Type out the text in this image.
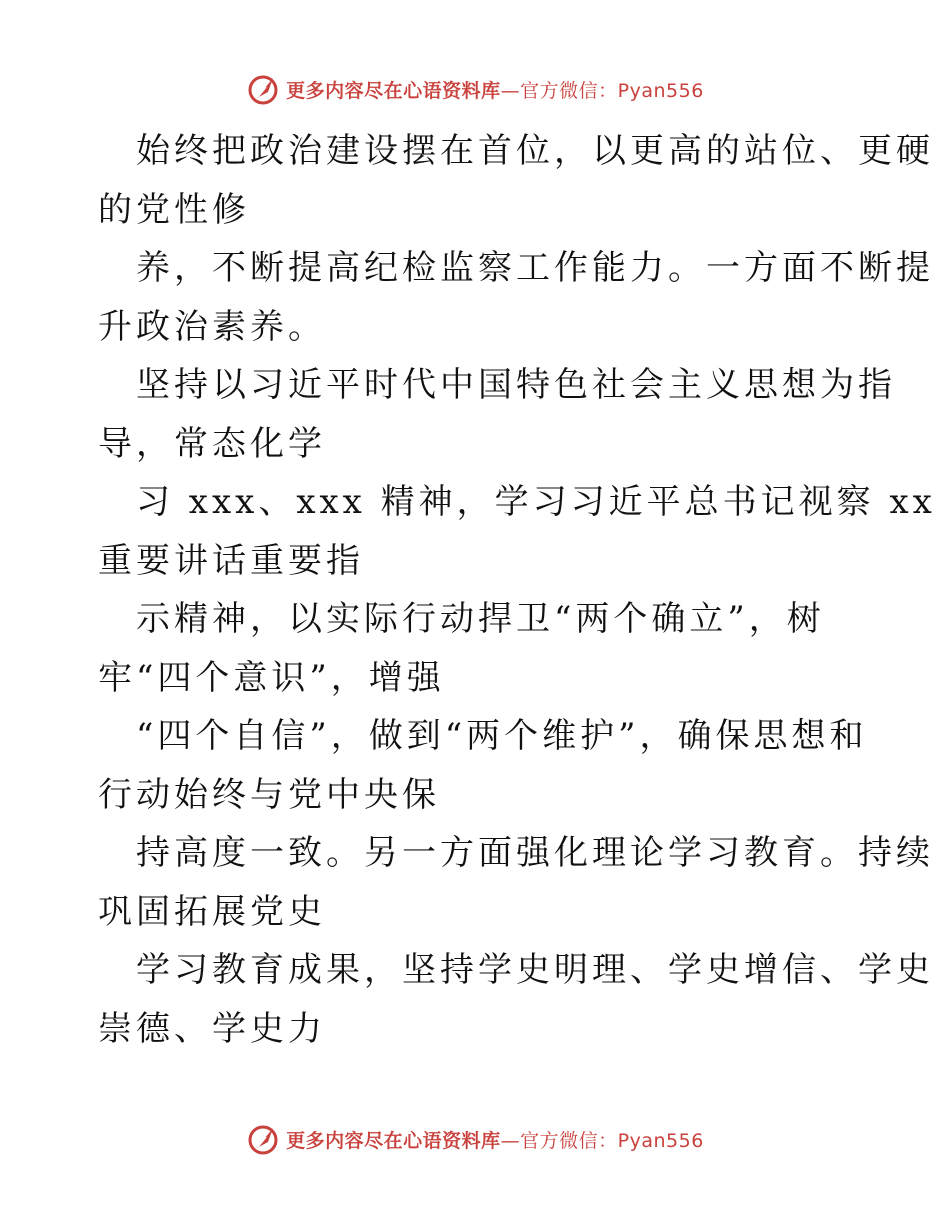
更多内容尽在心语资料库—官方微信：Pyan556
始终把政治建设摆在首位，以更高的站位、更硬
的党性修
养，不断提高纪检监察工作能力。一方面不断提
升政治素养。
坚持以习近平时代中国特色社会主义思想为指
导，常态化学
习 xxx、xxx 精神，学习习近平总书记视察 xx
重要讲话重要指
示精神，以实际行动捍卫“两个确立”，树
牢“四个意识”，增强
“四个自信”，做到“两个维护”，确保思想和
行动始终与党中央保
持高度一致。另一方面强化理论学习教育。持续
巩固拓展党史
学习教育成果，坚持学史明理、学史增信、学史
崇德、学史力
更多内容尽在心语资料库—官方微信：Pyan556
